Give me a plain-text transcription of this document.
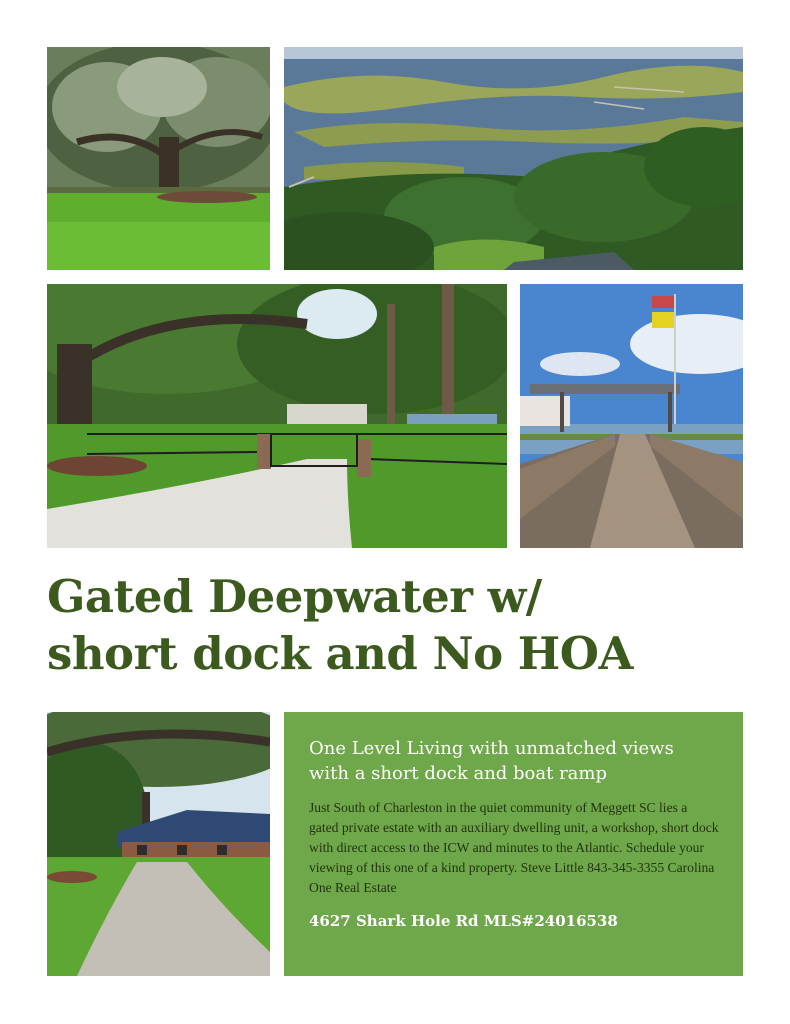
Gated Deepwater w/
short dock and No HOA
One Level Living with unmatched views
with a short dock and boat ramp

Just South of Charleston in the quiet community of Meggett SC lies a gated private estate with an auxiliary dwelling unit, a workshop, short dock with direct access to the ICW and minutes to the Atlantic. Schedule your viewing of this one of a kind property. Steve Little 843-345-3355 Carolina One Real Estate

4627 Shark Hole Rd MLS#24016538
